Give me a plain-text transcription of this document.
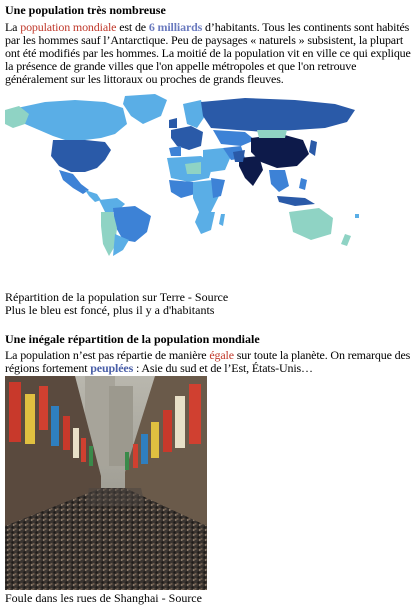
Une population très nombreuse

La population mondiale est de 6 milliards d’habitants. Tous les continents sont habités par les hommes sauf l’Antarctique. Peu de paysages « naturels » subsistent, la plupart ont été modifiés par les hommes. La moitié de la population vit en ville ce qui explique la présence de grande villes que l'on appelle métropoles et que l'on retrouve généralement sur les littoraux ou proches de grands fleuves.

Répartition de la population sur Terre - Source

Plus le bleu est foncé, plus il y a d'habitants

Une inégale répartition de la population mondiale

La population n’est pas répartie de manière égale sur toute la planète. On remarque des régions fortement peuplées : Asie du sud et de l’Est, États-Unis…

Foule dans les rues de Shanghai - Source
